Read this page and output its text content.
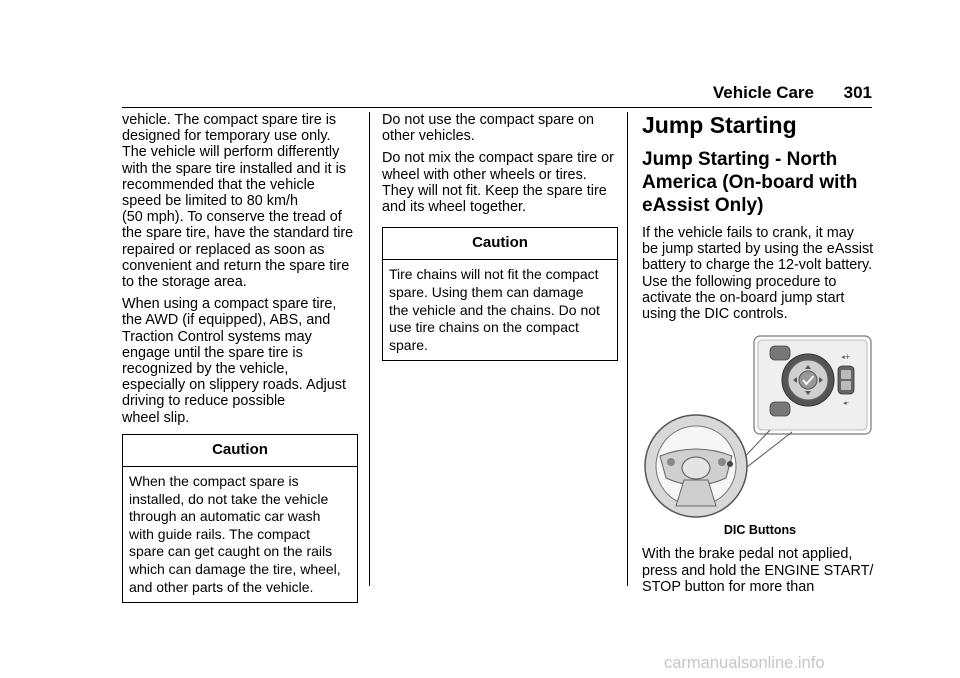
Vehicle Care 301

vehicle. The compact spare tire is
designed for temporary use only.
The vehicle will perform differently
with the spare tire installed and it is
recommended that the vehicle
speed be limited to 80 km/h
(50 mph). To conserve the tread of
the spare tire, have the standard tire
repaired or replaced as soon as
convenient and return the spare tire
to the storage area.

When using a compact spare tire,
the AWD (if equipped), ABS, and
Traction Control systems may
engage until the spare tire is
recognized by the vehicle,
especially on slippery roads. Adjust
driving to reduce possible
wheel slip.

Caution
When the compact spare is
installed, do not take the vehicle
through an automatic car wash
with guide rails. The compact
spare can get caught on the rails
which can damage the tire, wheel,
and other parts of the vehicle.

Do not use the compact spare on
other vehicles.

Do not mix the compact spare tire or
wheel with other wheels or tires.
They will not fit. Keep the spare tire
and its wheel together.

Caution
Tire chains will not fit the compact
spare. Using them can damage
the vehicle and the chains. Do not
use tire chains on the compact
spare.
Jump Starting
Jump Starting - North
America (On-board with
eAssist Only)

If the vehicle fails to crank, it may
be jump started by using the eAssist
battery to charge the 12-volt battery.
Use the following procedure to
activate the on-board jump start
using the DIC controls.

◂+
◂-
DIC Buttons

With the brake pedal not applied,
press and hold the ENGINE START/
STOP button for more than

carmanualsonline.info
